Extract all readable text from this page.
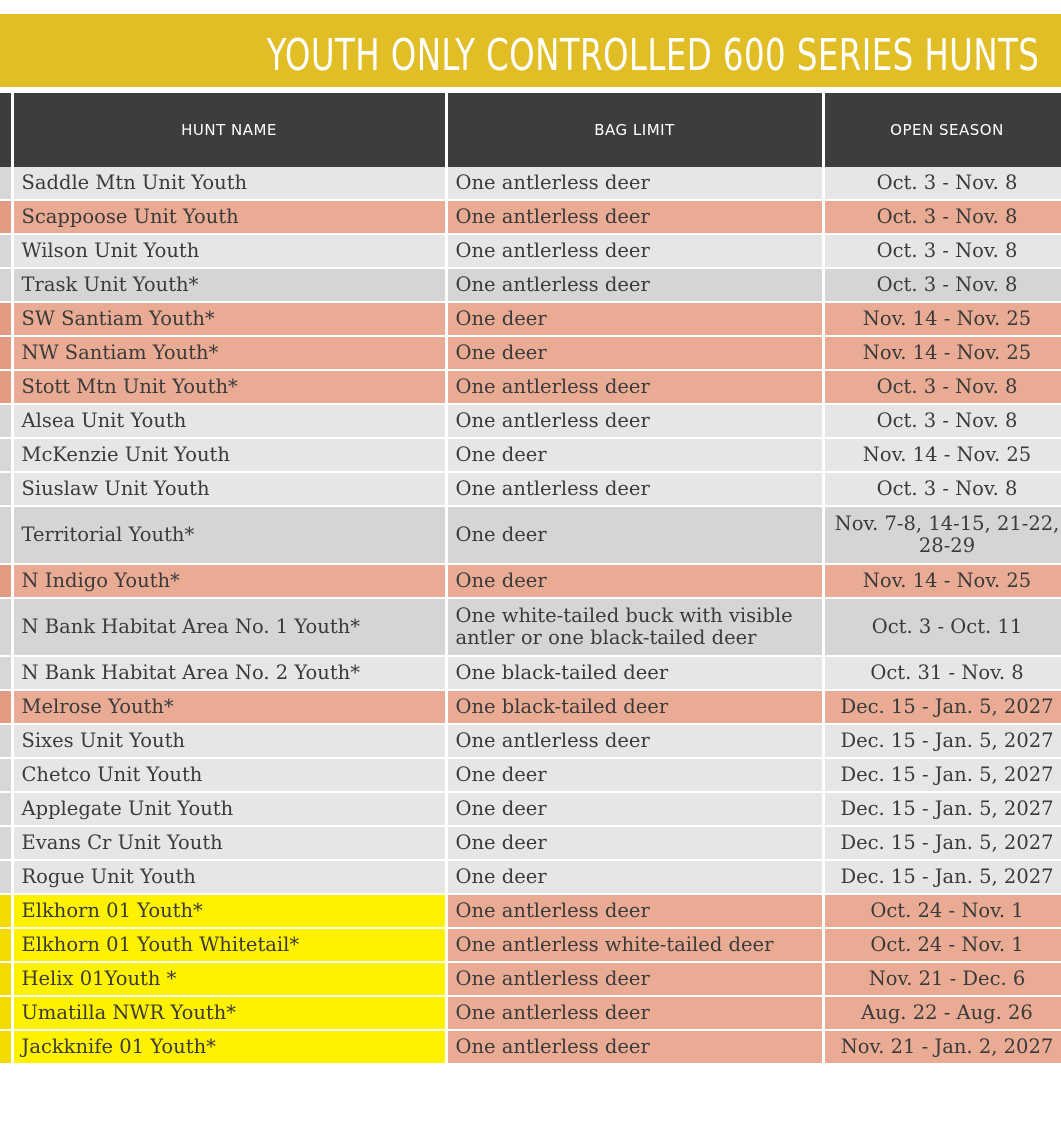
YOUTH ONLY CONTROLLED 600 SERIES HUNTS
	HUNT NAME	BAG LIMIT	OPEN SEASON
	Saddle Mtn Unit Youth	One antlerless deer	Oct. 3 - Nov. 8
	Scappoose Unit Youth	One antlerless deer	Oct. 3 - Nov. 8
	Wilson Unit Youth	One antlerless deer	Oct. 3 - Nov. 8
	Trask Unit Youth*	One antlerless deer	Oct. 3 - Nov. 8
	SW Santiam Youth*	One deer	Nov. 14 - Nov. 25
	NW Santiam Youth*	One deer	Nov. 14 - Nov. 25
	Stott Mtn Unit Youth*	One antlerless deer	Oct. 3 - Nov. 8
	Alsea Unit Youth	One antlerless deer	Oct. 3 - Nov. 8
	McKenzie Unit Youth	One deer	Nov. 14 - Nov. 25
	Siuslaw Unit Youth	One antlerless deer	Oct. 3 - Nov. 8
	Territorial Youth*	One deer	Nov. 7-8, 14-15, 21-22, 28-29
	N Indigo Youth*	One deer	Nov. 14 - Nov. 25
	N Bank Habitat Area No. 1 Youth*	One white-tailed buck with visible antler or one black-tailed deer	Oct. 3 - Oct. 11
	N Bank Habitat Area No. 2 Youth*	One black-tailed deer	Oct. 31 - Nov. 8
	Melrose Youth*	One black-tailed deer	Dec. 15 - Jan. 5, 2027
	Sixes Unit Youth	One antlerless deer	Dec. 15 - Jan. 5, 2027
	Chetco Unit Youth	One deer	Dec. 15 - Jan. 5, 2027
	Applegate Unit Youth	One deer	Dec. 15 - Jan. 5, 2027
	Evans Cr Unit Youth	One deer	Dec. 15 - Jan. 5, 2027
	Rogue Unit Youth	One deer	Dec. 15 - Jan. 5, 2027
	Elkhorn 01 Youth*	One antlerless deer	Oct. 24 - Nov. 1
	Elkhorn 01 Youth Whitetail*	One antlerless white-tailed deer	Oct. 24 - Nov. 1
	Helix 01Youth *	One antlerless deer	Nov. 21 - Dec. 6
	Umatilla NWR Youth*	One antlerless deer	Aug. 22 - Aug. 26
	Jackknife 01 Youth*	One antlerless deer	Nov. 21 - Jan. 2, 2027
